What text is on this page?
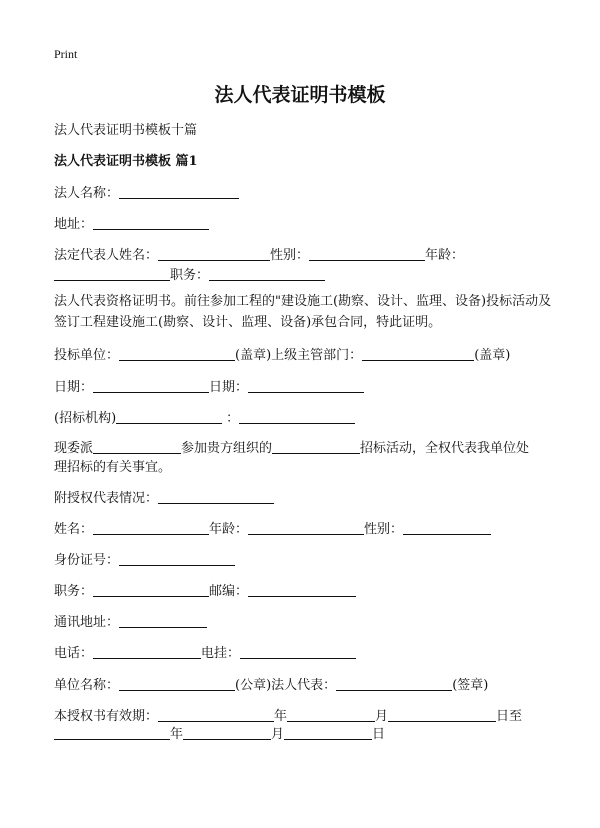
Print
法人代表证明书模板
法人代表证明书模板十篇
法人代表证明书模板 篇1
法人名称：
地址：
法定代表人姓名：	性别：	年龄：
职务：
法人代表资格证明书。前往参加工程的"建设施工(勘察、设计、监理、设备)投标活动及签订工程建设施工(勘察、设计、监理、设备)承包合同，特此证明。
投标单位：	(盖章)上级主管部门：	(盖章)
日期：	日期：
(招标机构)	：
现委派	参加贵方组织的	招标活动，全权代表我单位处
理招标的有关事宜。
附授权代表情况：
姓名：	年龄：	性别：
身份证号：
职务：	邮编：
通讯地址：
电话：	电挂：
单位名称：	(公章)法人代表：	(签章)
本授权书有效期：	年	月	日至
年	月	日
